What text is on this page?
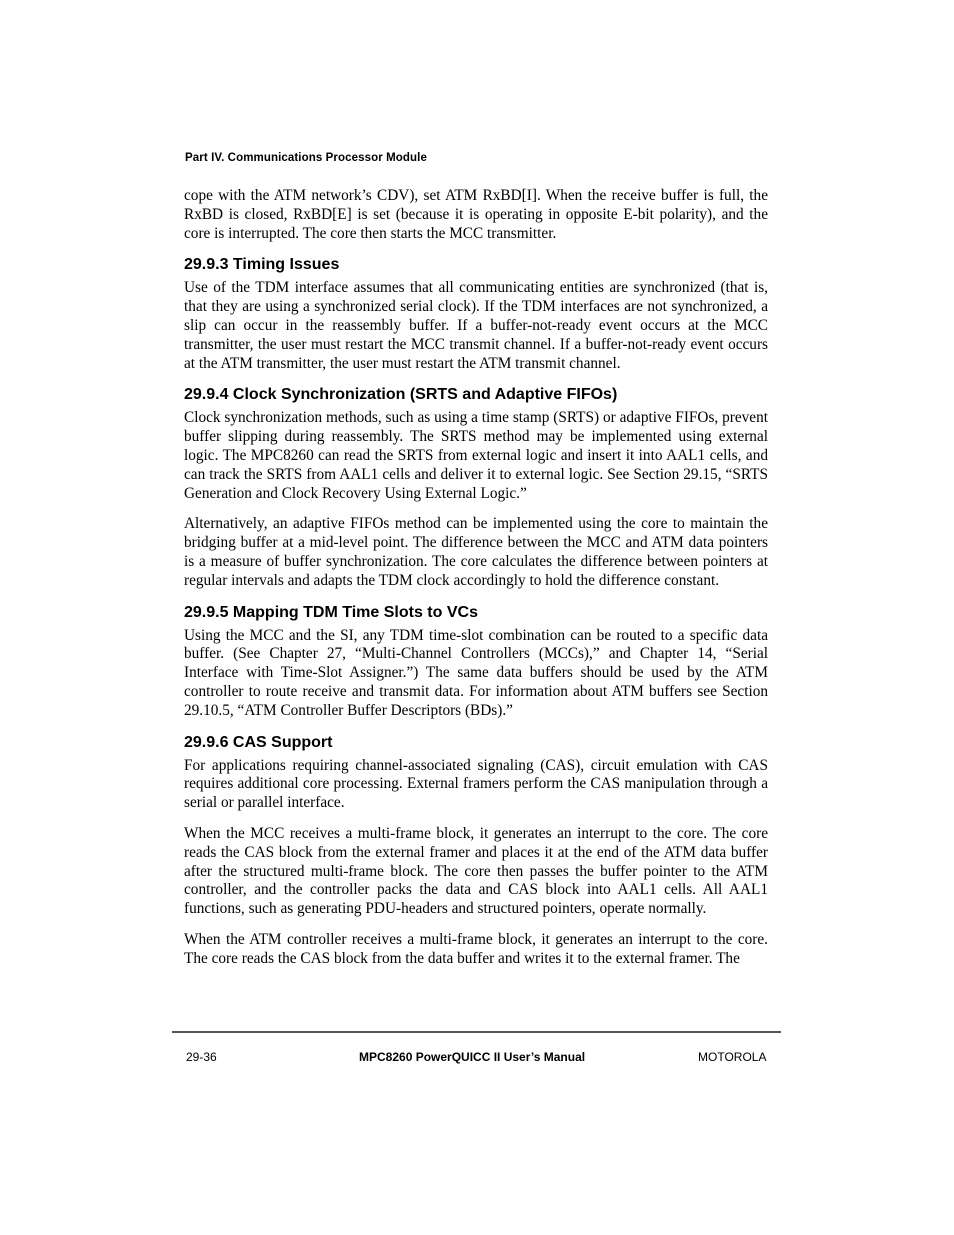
Part IV. Communications Processor Module

cope with the ATM network’s CDV), set ATM RxBD[I]. When the receive buffer is full, the RxBD is closed, RxBD[E] is set (because it is operating in opposite E-bit polarity), and the core is interrupted. The core then starts the MCC transmitter.

29.9.3 Timing Issues

Use of the TDM interface assumes that all communicating entities are synchronized (that is, that they are using a synchronized serial clock). If the TDM interfaces are not synchronized, a slip can occur in the reassembly buffer. If a buffer-not-ready event occurs at the MCC transmitter, the user must restart the MCC transmit channel. If a buffer-not-ready event occurs at the ATM transmitter, the user must restart the ATM transmit channel.

29.9.4 Clock Synchronization (SRTS and Adaptive FIFOs)

Clock synchronization methods, such as using a time stamp (SRTS) or adaptive FIFOs, prevent buffer slipping during reassembly. The SRTS method may be implemented using external logic. The MPC8260 can read the SRTS from external logic and insert it into AAL1 cells, and can track the SRTS from AAL1 cells and deliver it to external logic. See Section 29.15, “SRTS Generation and Clock Recovery Using External Logic.”

Alternatively, an adaptive FIFOs method can be implemented using the core to maintain the bridging buffer at a mid-level point. The difference between the MCC and ATM data pointers is a measure of buffer synchronization. The core calculates the difference between pointers at regular intervals and adapts the TDM clock accordingly to hold the difference constant.

29.9.5 Mapping TDM Time Slots to VCs

Using the MCC and the SI, any TDM time-slot combination can be routed to a specific data buffer. (See Chapter 27, “Multi-Channel Controllers (MCCs),” and Chapter 14, “Serial Interface with Time-Slot Assigner.”) The same data buffers should be used by the ATM controller to route receive and transmit data. For information about ATM buffers see Section 29.10.5, “ATM Controller Buffer Descriptors (BDs).”

29.9.6 CAS Support

For applications requiring channel-associated signaling (CAS), circuit emulation with CAS requires additional core processing. External framers perform the CAS manipulation through a serial or parallel interface.

When the MCC receives a multi-frame block, it generates an interrupt to the core. The core reads the CAS block from the external framer and places it at the end of the ATM data buffer after the structured multi-frame block. The core then passes the buffer pointer to the ATM controller, and the controller packs the data and CAS block into AAL1 cells. All AAL1 functions, such as generating PDU-headers and structured pointers, operate normally.

When the ATM controller receives a multi-frame block, it generates an interrupt to the core. The core reads the CAS block from the data buffer and writes it to the external framer. The

29-36	MPC8260 PowerQUICC II User’s Manual	MOTOROLA
